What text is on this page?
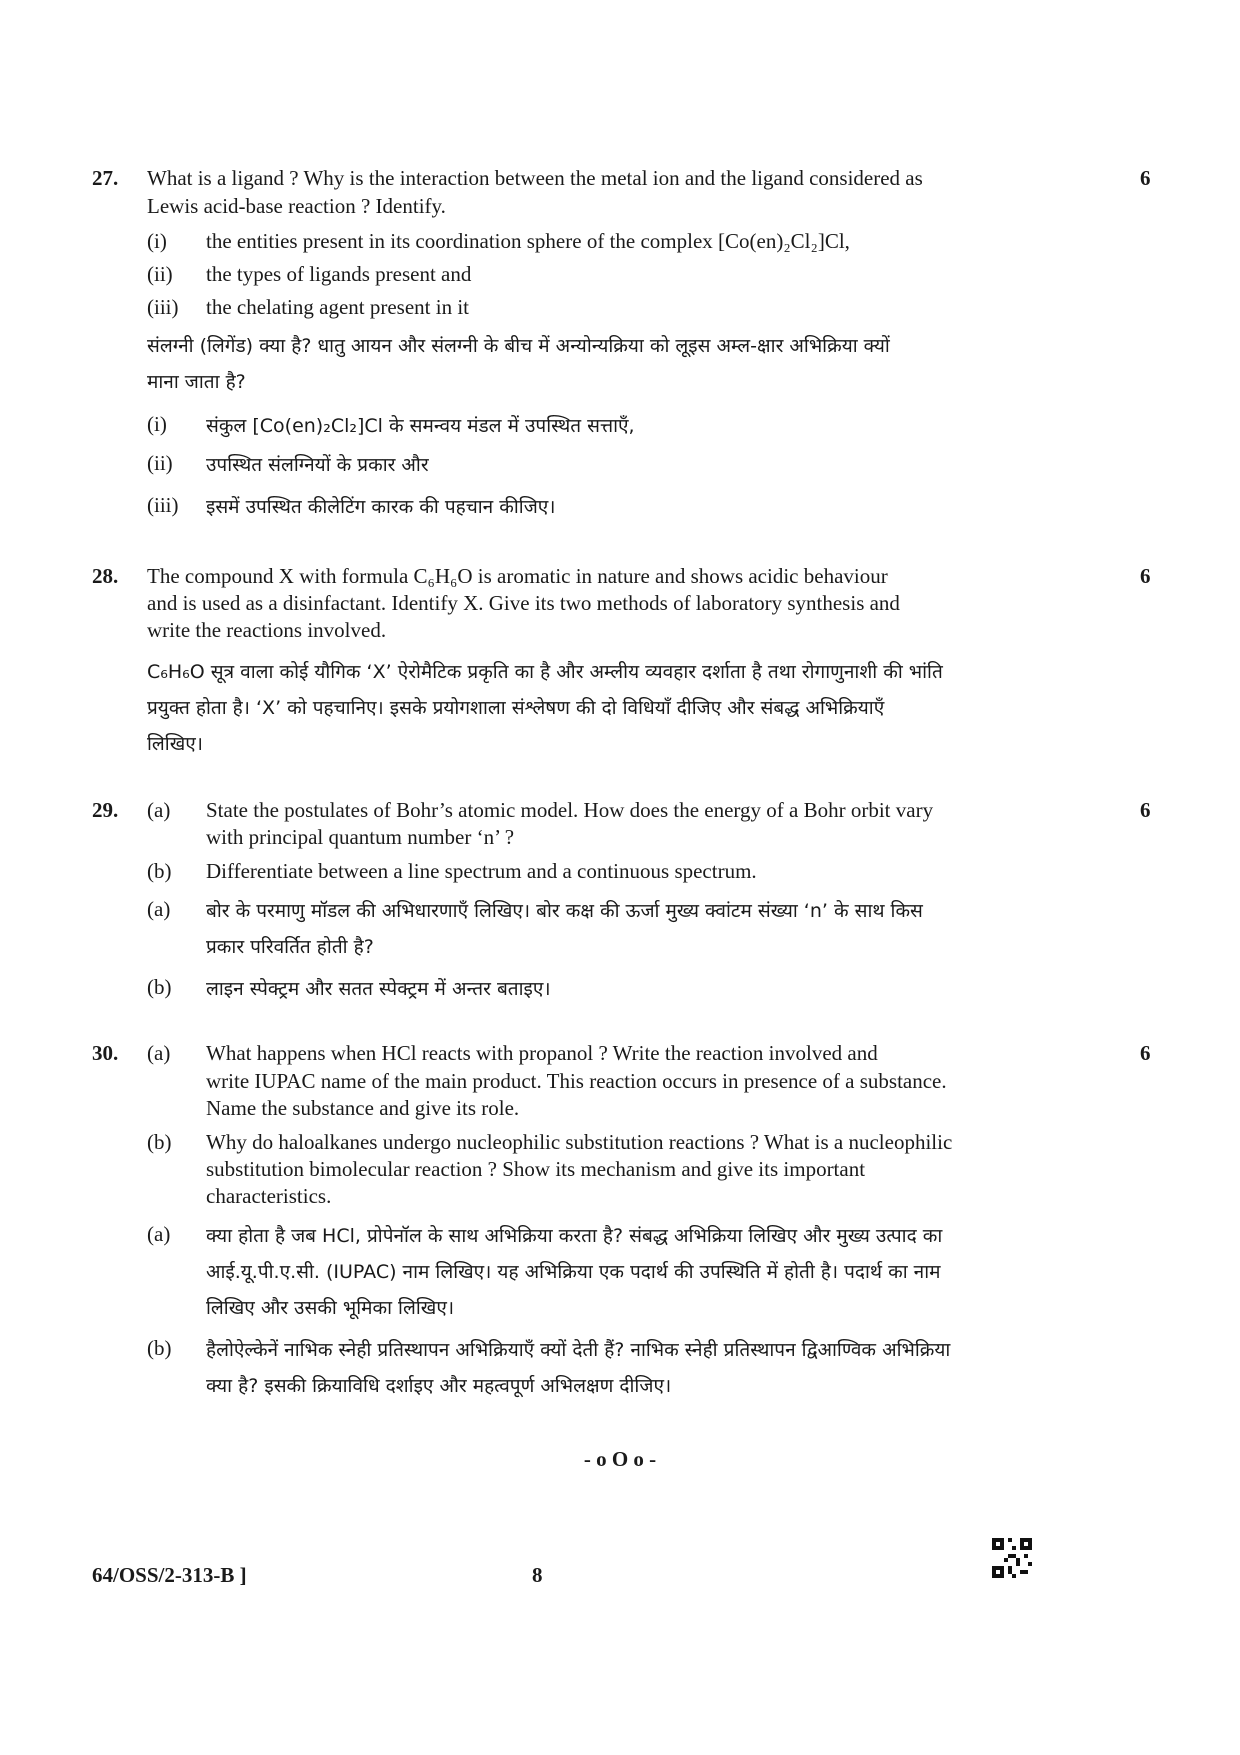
27.	6
What is a ligand ? Why is the interaction between the metal ion and the ligand considered as
Lewis acid-base reaction ? Identify.
(i) the entities present in its coordination sphere of the complex [Co(en)₂Cl₂]Cl,
(ii) the types of ligands present and
(iii) the chelating agent present in it
संलग्नी (लिगेंड) क्या है? धातु आयन और संलग्नी के बीच में अन्योन्यक्रिया को लूइस अम्ल-क्षार अभिक्रिया क्यों
माना जाता है?
(i) संकुल [Co(en)₂Cl₂]Cl के समन्वय मंडल में उपस्थित सत्ताएँ,
(ii) उपस्थित संलग्नियों के प्रकार और
(iii) इसमें उपस्थित कीलेटिंग कारक की पहचान कीजिए।
28.	6
The compound X with formula C₆H₆O is aromatic in nature and shows acidic behaviour
and is used as a disinfactant. Identify X. Give its two methods of laboratory synthesis and
write the reactions involved.
C₆H₆O सूत्र वाला कोई यौगिक ‘X’ ऐरोमैटिक प्रकृति का है और अम्लीय व्यवहार दर्शाता है तथा रोगाणुनाशी की भांति
प्रयुक्त होता है। ‘X’ को पहचानिए। इसके प्रयोगशाला संश्लेषण की दो विधियाँ दीजिए और संबद्ध अभिक्रियाएँ
लिखिए।
29.	6
(a) State the postulates of Bohr’s atomic model. How does the energy of a Bohr orbit vary
with principal quantum number ‘n’ ?
(b) Differentiate between a line spectrum and a continuous spectrum.
(a) बोर के परमाणु मॉडल की अभिधारणाएँ लिखिए। बोर कक्ष की ऊर्जा मुख्य क्वांटम संख्या ‘n’ के साथ किस
प्रकार परिवर्तित होती है?
(b) लाइन स्पेक्ट्रम और सतत स्पेक्ट्रम में अन्तर बताइए।
30.	6
(a) What happens when HCl reacts with propanol ? Write the reaction involved and
write IUPAC name of the main product. This reaction occurs in presence of a substance.
Name the substance and give its role.
(b) Why do haloalkanes undergo nucleophilic substitution reactions ? What is a nucleophilic
substitution bimolecular reaction ? Show its mechanism and give its important
characteristics.
(a) क्या होता है जब HCl, प्रोपेनॉल के साथ अभिक्रिया करता है? संबद्ध अभिक्रिया लिखिए और मुख्य उत्पाद का
आई.यू.पी.ए.सी. (IUPAC) नाम लिखिए। यह अभिक्रिया एक पदार्थ की उपस्थिति में होती है। पदार्थ का नाम
लिखिए और उसकी भूमिका लिखिए।
(b) हैलोऐल्केनें नाभिक स्नेही प्रतिस्थापन अभिक्रियाएँ क्यों देती हैं? नाभिक स्नेही प्रतिस्थापन द्विआण्विक अभिक्रिया
क्या है? इसकी क्रियाविधि दर्शाइए और महत्वपूर्ण अभिलक्षण दीजिए।
- o O o -
64/OSS/2-313-B ]	8
